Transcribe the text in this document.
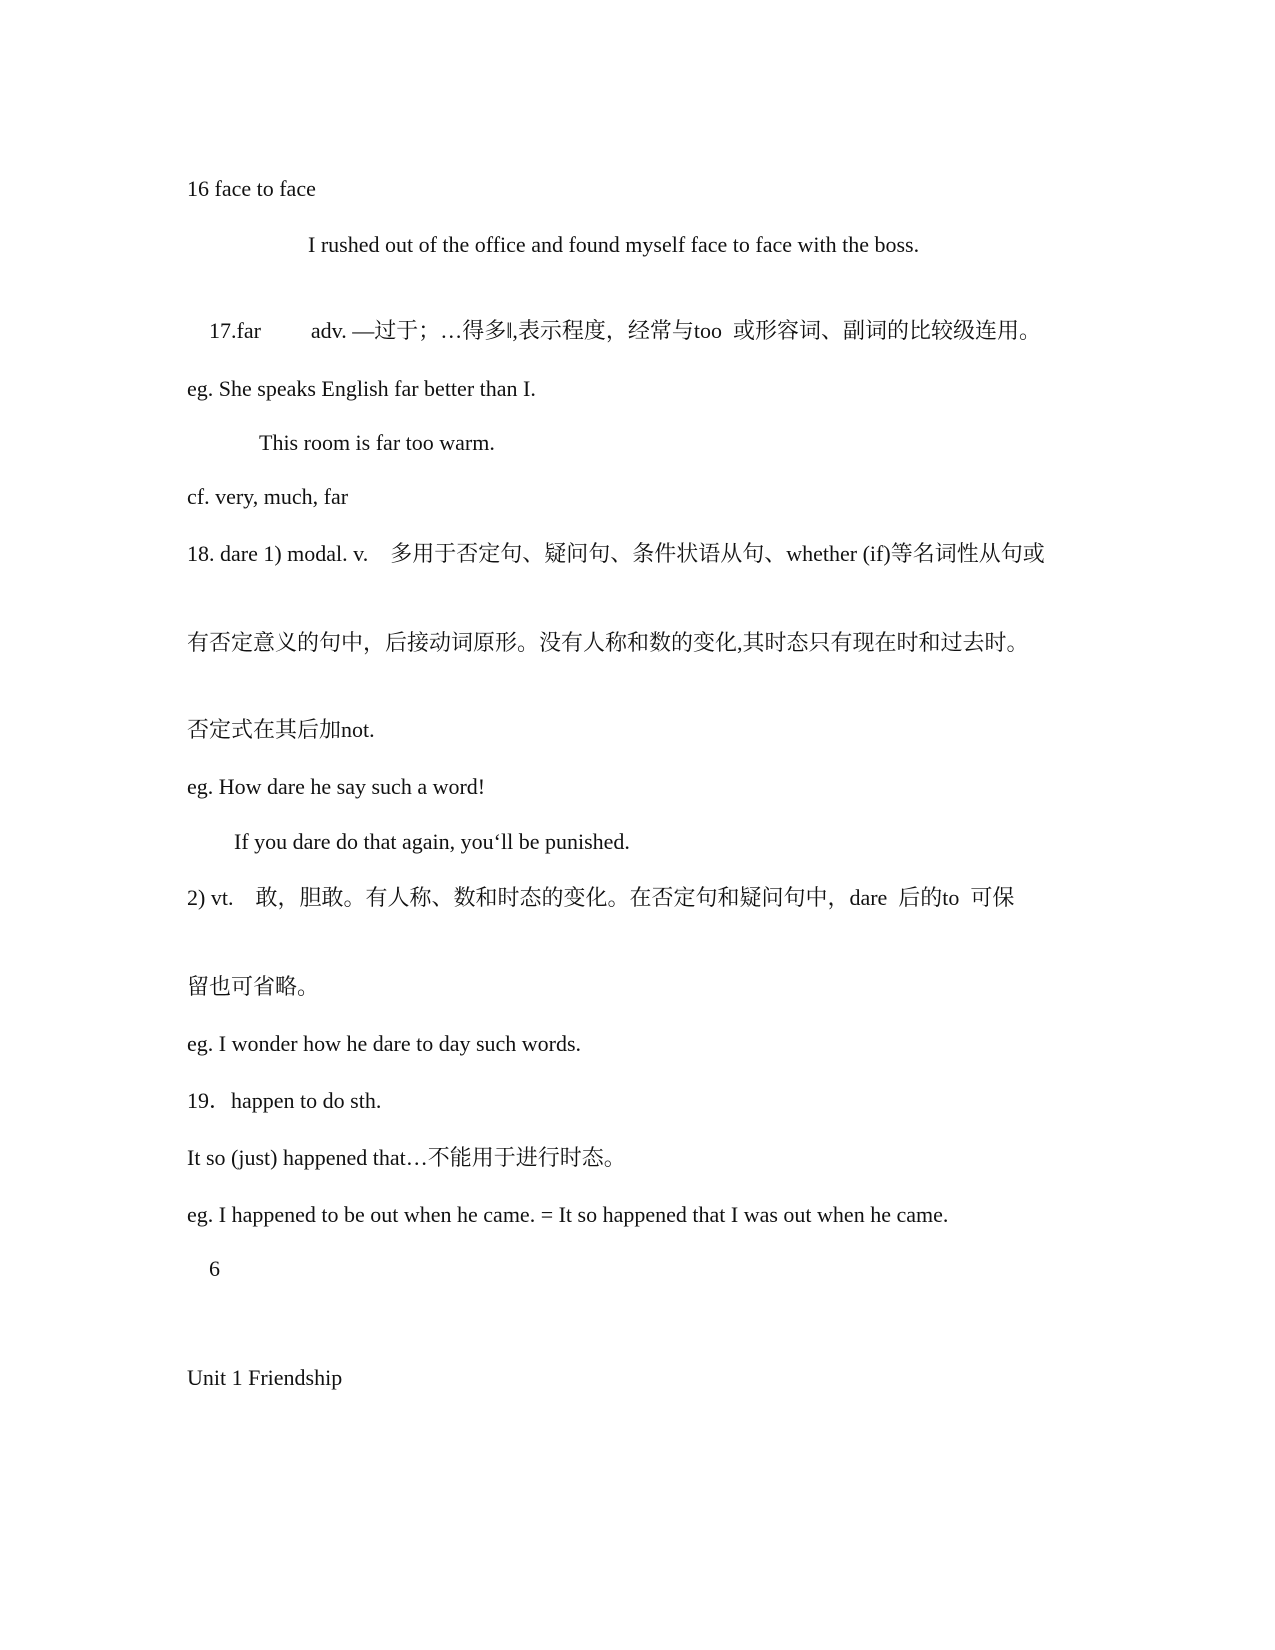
16 face to face
I rushed out of the office and found myself face to face with the boss.

17.far adv. —过于；…得多‖,表示程度，经常与too  或形容词、副词的比较级连用。

eg. She speaks English far better than I.
This room is far too warm.
cf. very, much, far
18. dare 1) modal. v.    多用于否定句、疑问句、条件状语从句、whether (if)等名词性从句或
有否定意义的句中，后接动词原形。没有人称和数的变化,其时态只有现在时和过去时。
否定式在其后加not.
eg. How dare he say such a word!
If you dare do that again, you‘ll be punished.
2) vt.    敢，胆敢。有人称、数和时态的变化。在否定句和疑问句中，dare  后的to  可保
留也可省略。
eg. I wonder how he dare to day such words.
19．happen to do sth.
It so (just) happened that…不能用于进行时态。
eg. I happened to be out when he came. = It so happened that I was out when he came.
6
Unit 1 Friendship
